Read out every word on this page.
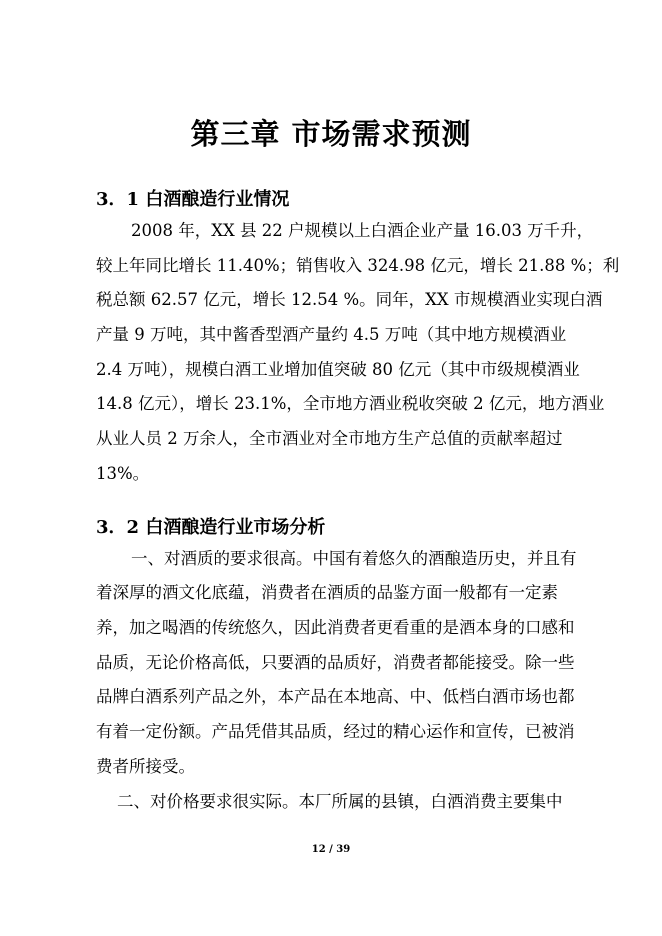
第三章 市场需求预测
3．1 白酒酿造行业情况
2008 年，XX 县 22 户规模以上白酒企业产量 16.03 万千升，
较上年同比增长 11.40%；销售收入 324.98 亿元，增长 21.88 %；利
税总额 62.57 亿元，增长 12.54 %。同年，XX 市规模酒业实现白酒
产量 9 万吨，其中酱香型酒产量约 4.5 万吨（其中地方规模酒业
2.4 万吨），规模白酒工业增加值突破 80 亿元（其中市级规模酒业
14.8 亿元），增长 23.1%，全市地方酒业税收突破 2 亿元，地方酒业
从业人员 2 万余人，全市酒业对全市地方生产总值的贡献率超过
13%。
3．2 白酒酿造行业市场分析
一、对酒质的要求很高。中国有着悠久的酒酿造历史，并且有
着深厚的酒文化底蕴，消费者在酒质的品鉴方面一般都有一定素
养，加之喝酒的传统悠久，因此消费者更看重的是酒本身的口感和
品质，无论价格高低，只要酒的品质好，消费者都能接受。除一些
品牌白酒系列产品之外，本产品在本地高、中、低档白酒市场也都
有着一定份额。产品凭借其品质，经过的精心运作和宣传，已被消
费者所接受。
二、对价格要求很实际。本厂所属的县镇，白酒消费主要集中
12 / 39
